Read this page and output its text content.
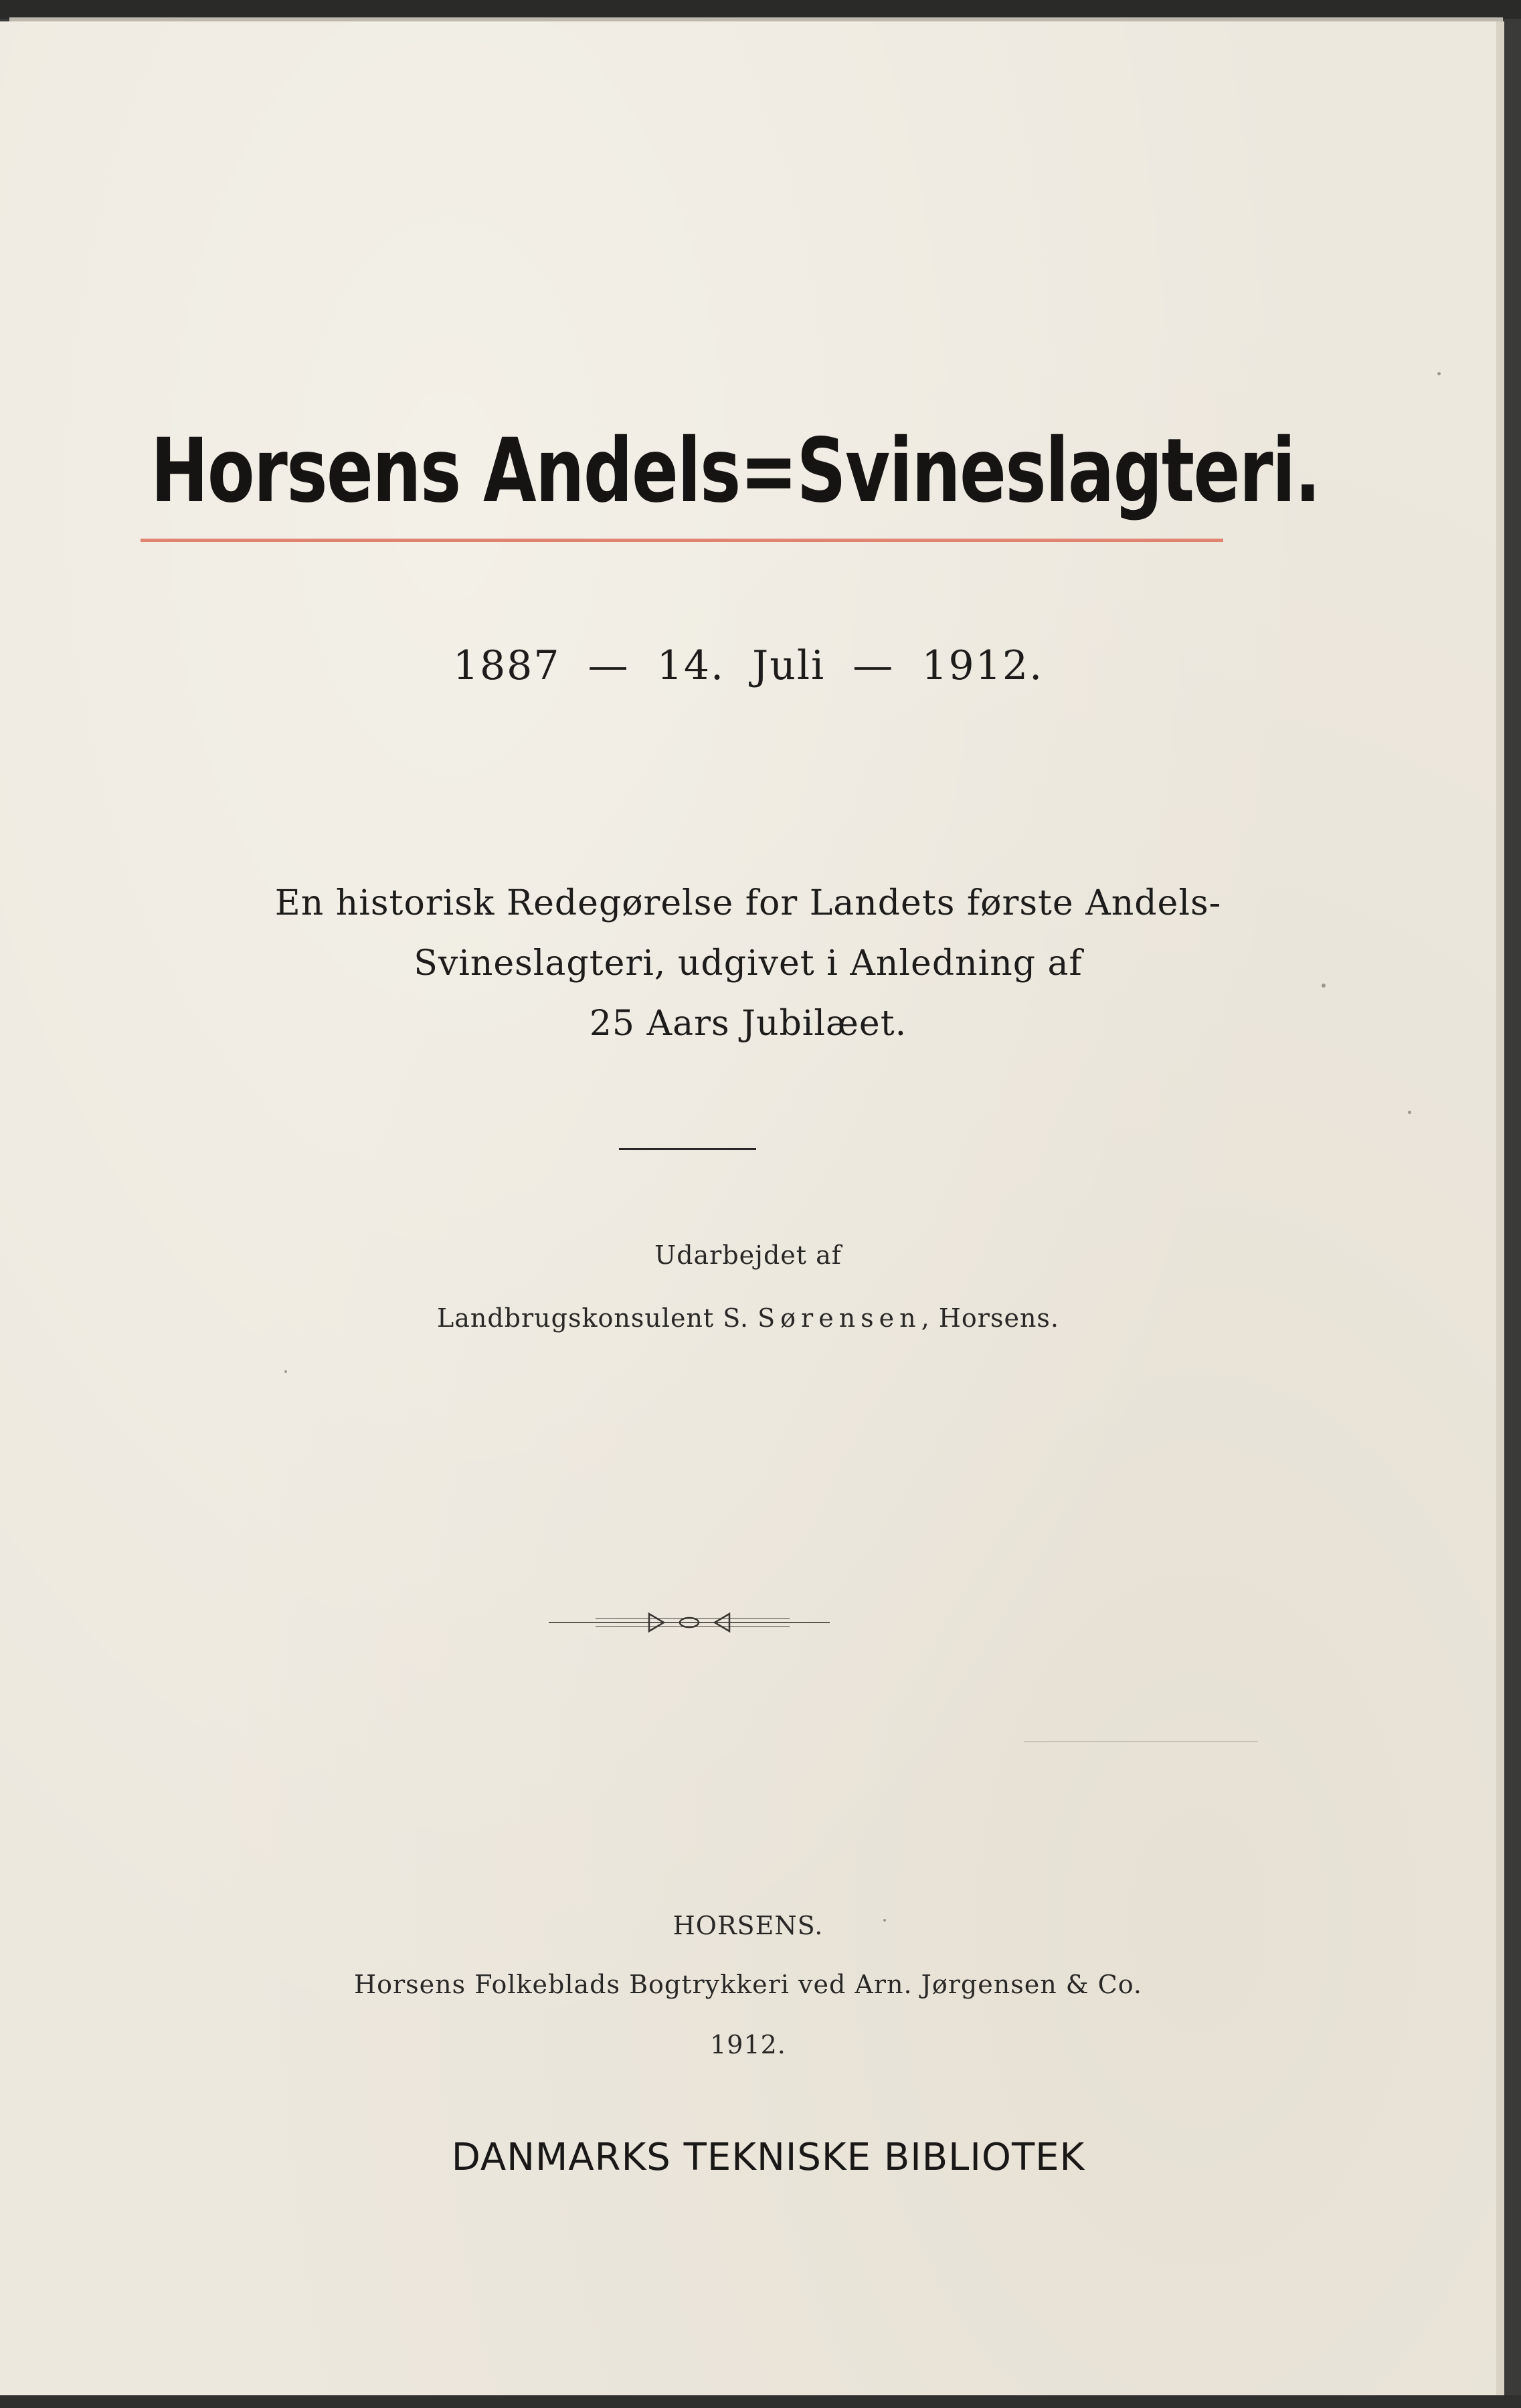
Horsens Andels=Svineslagteri.
1887 — 14. Juli — 1912.
En historisk Redegørelse for Landets første Andels-
Svineslagteri, udgivet i Anledning af
25 Aars Jubilæet.
Udarbejdet af
Landbrugskonsulent S. Sørensen, Horsens.
HORSENS.
Horsens Folkeblads Bogtrykkeri ved Arn. Jørgensen & Co.
1912.
DANMARKS TEKNISKE BIBLIOTEK
